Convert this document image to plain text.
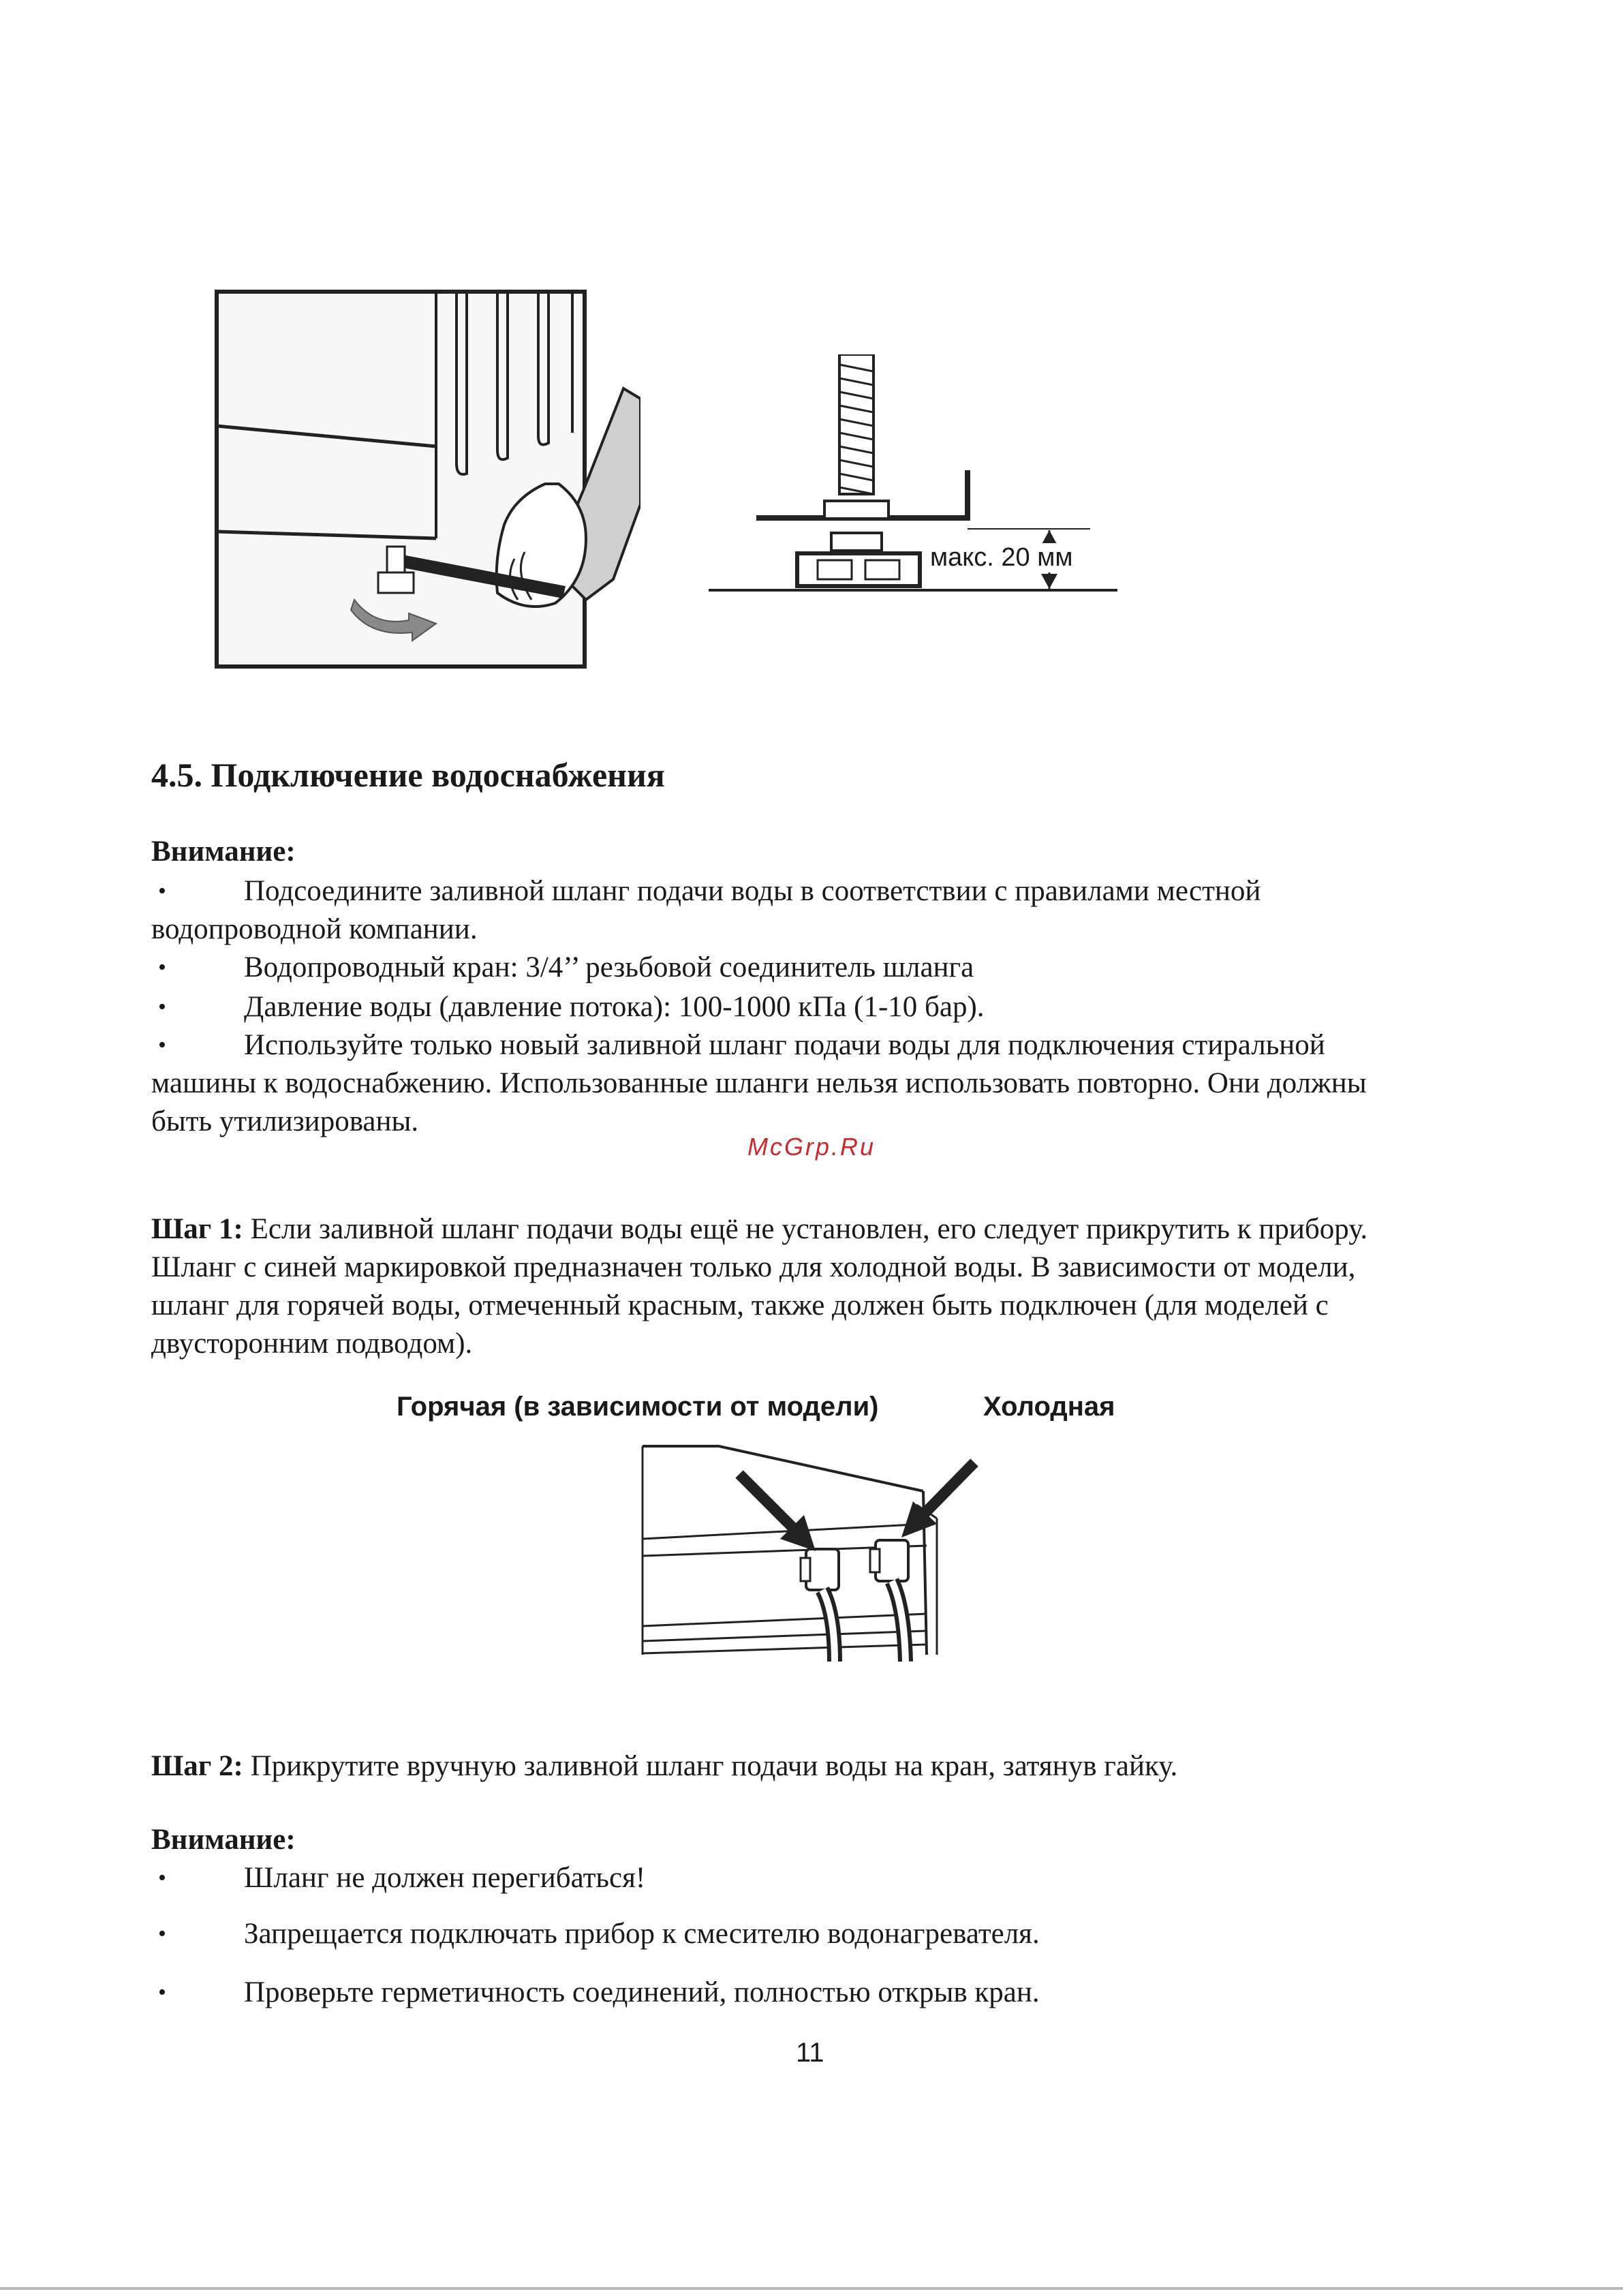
макс. 20 мм
4.5. Подключение водоснабжения
Внимание:
•	Подсоедините заливной шланг подачи воды в соответствии с правилами местной
водопроводной компании.
•	Водопроводный кран: 3/4’’ резьбовой соединитель шланга
•	Давление воды (давление потока): 100-1000 кПа (1-10 бар).
•	Используйте только новый заливной шланг подачи воды для подключения стиральной
машины к водоснабжению. Использованные шланги нельзя использовать повторно. Они должны
быть утилизированы.
McGrp.Ru
Шаг 1: Если заливной шланг подачи воды ещё не установлен, его следует прикрутить к прибору.
Шланг с синей маркировкой предназначен только для холодной воды. В зависимости от модели,
шланг для горячей воды, отмеченный красным, также должен быть подключен (для моделей с
двусторонним подводом).
Горячая (в зависимости от модели)	Холодная
Шаг 2: Прикрутите вручную заливной шланг подачи воды на кран, затянув гайку.
Внимание:
•	Шланг не должен перегибаться!
•	Запрещается подключать прибор к смесителю водонагревателя.
•	Проверьте герметичность соединений, полностью открыв кран.
11
